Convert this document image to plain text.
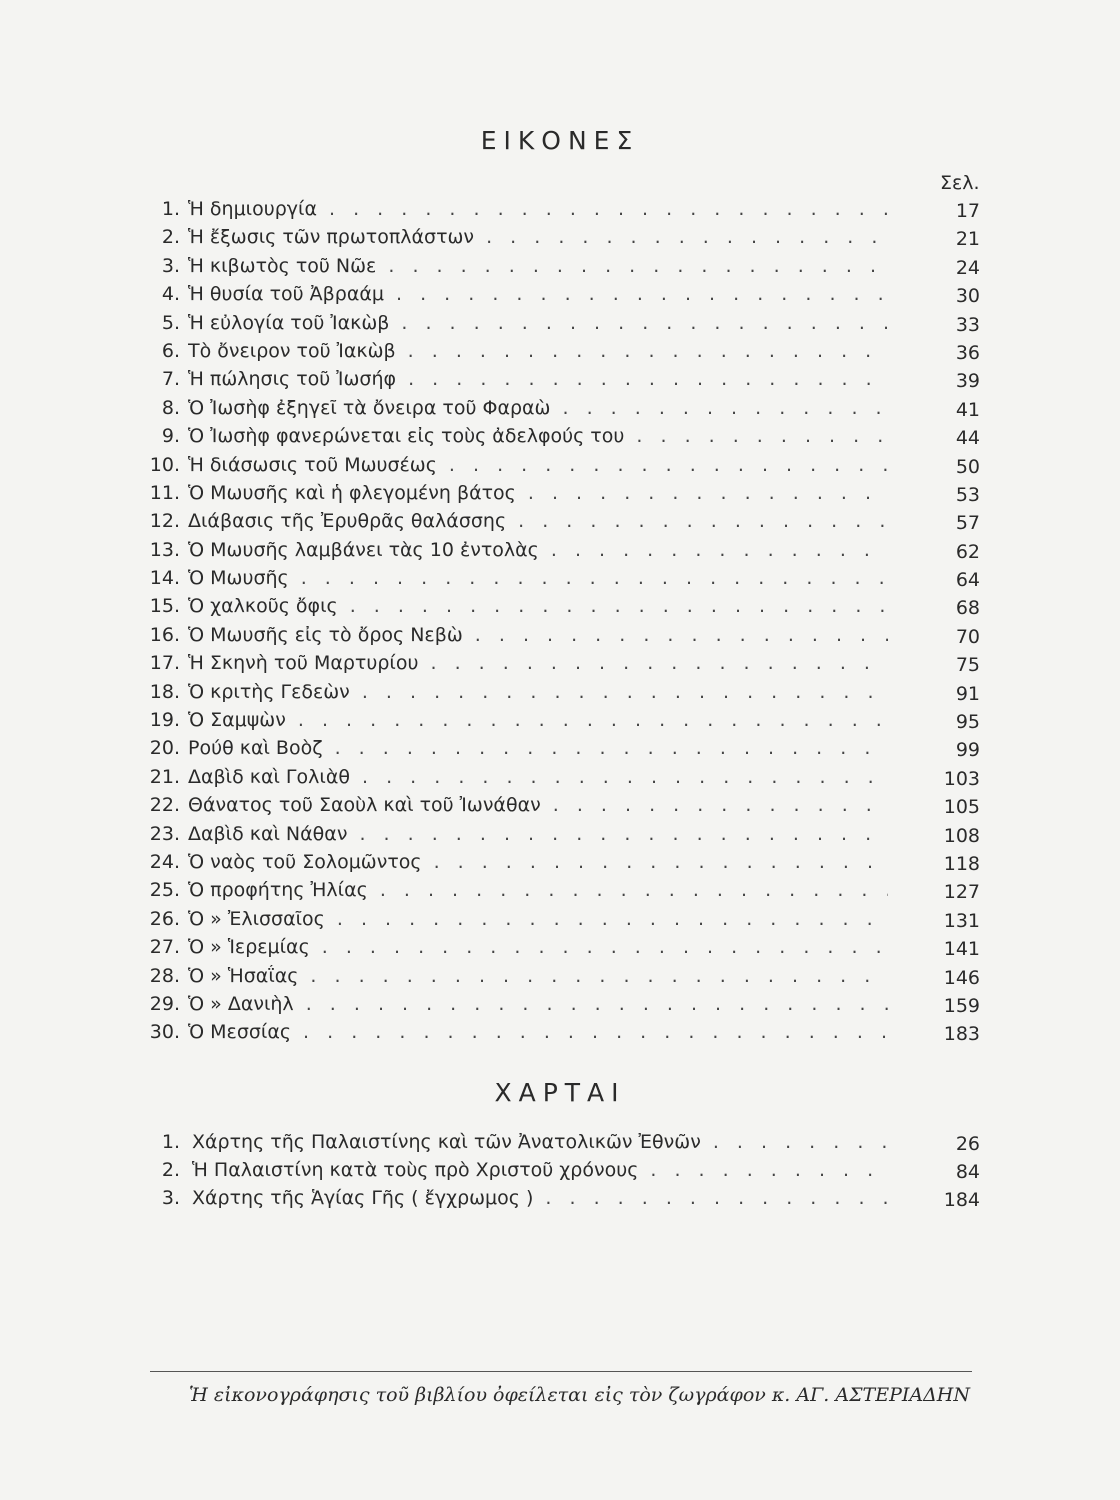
ΕΙΚΟΝΕΣ
Σελ.
1. Ἡ δημιουργία . . .	17
2. Ἡ ἔξωσις τῶν πρωτοπλάστων . . .	21
3. Ἡ κιβωτὸς τοῦ Νῶε . . .	24
4. Ἡ θυσία τοῦ Ἀβραάμ . . .	30
5. Ἡ εὐλογία τοῦ Ἰακὼβ . . .	33
6. Τὸ ὄνειρον τοῦ Ἰακὼβ . . .	36
7. Ἡ πώλησις τοῦ Ἰωσήφ . . .	39
8. Ὁ Ἰωσὴφ ἐξηγεῖ τὰ ὄνειρα τοῦ Φαραὼ . . .	41
9. Ὁ Ἰωσὴφ φανερώνεται εἰς τοὺς ἀδελφούς του . . .	44
10. Ἡ διάσωσις τοῦ Μωυσέως . . .	50
11. Ὁ Μωυσῆς καὶ ἡ φλεγομένη βάτος . . .	53
12. Διάβασις τῆς Ἐρυθρᾶς θαλάσσης . . .	57
13. Ὁ Μωυσῆς λαμβάνει τὰς 10 ἐντολὰς . . .	62
14. Ὁ Μωυσῆς . . .	64
15. Ὁ χαλκοῦς ὄφις . . .	68
16. Ὁ Μωυσῆς εἰς τὸ ὄρος Νεβὼ . . .	70
17. Ἡ Σκηνὴ τοῦ Μαρτυρίου . . .	75
18. Ὁ κριτὴς Γεδεὼν . . .	91
19. Ὁ Σαμψὼν . . .	95
20. Ρούθ καὶ Βοὸζ . . .	99
21. Δαβὶδ καὶ Γολιὰθ . . .	103
22. Θάνατος τοῦ Σαοὺλ καὶ τοῦ Ἰωνάθαν . . .	105
23. Δαβὶδ καὶ Νάθαν . . .	108
24. Ὁ ναὸς τοῦ Σολομῶντος . . .	118
25. Ὁ προφήτης Ἠλίας . . .	127
26. Ὁ » Ἐλισσαῖος . . .	131
27. Ὁ » Ἱερεμίας . . .	141
28. Ὁ » Ἡσαΐας . . .	146
29. Ὁ » Δανιὴλ . . .	159
30. Ὁ Μεσσίας . . .	183
ΧΑΡΤΑΙ
1. Χάρτης τῆς Παλαιστίνης καὶ τῶν Ἀνατολικῶν Ἐθνῶν . . .	26
2. Ἡ Παλαιστίνη κατὰ τοὺς πρὸ Χριστοῦ χρόνους . . .	84
3. Χάρτης τῆς Ἁγίας Γῆς ( ἔγχρωμος ) . . .	184
Ἡ εἰκονογράφησις τοῦ βιβλίου ὀφείλεται εἰς τὸν ζωγράφον κ. ΑΓ. ΑΣΤΕΡΙΑΔΗΝ
